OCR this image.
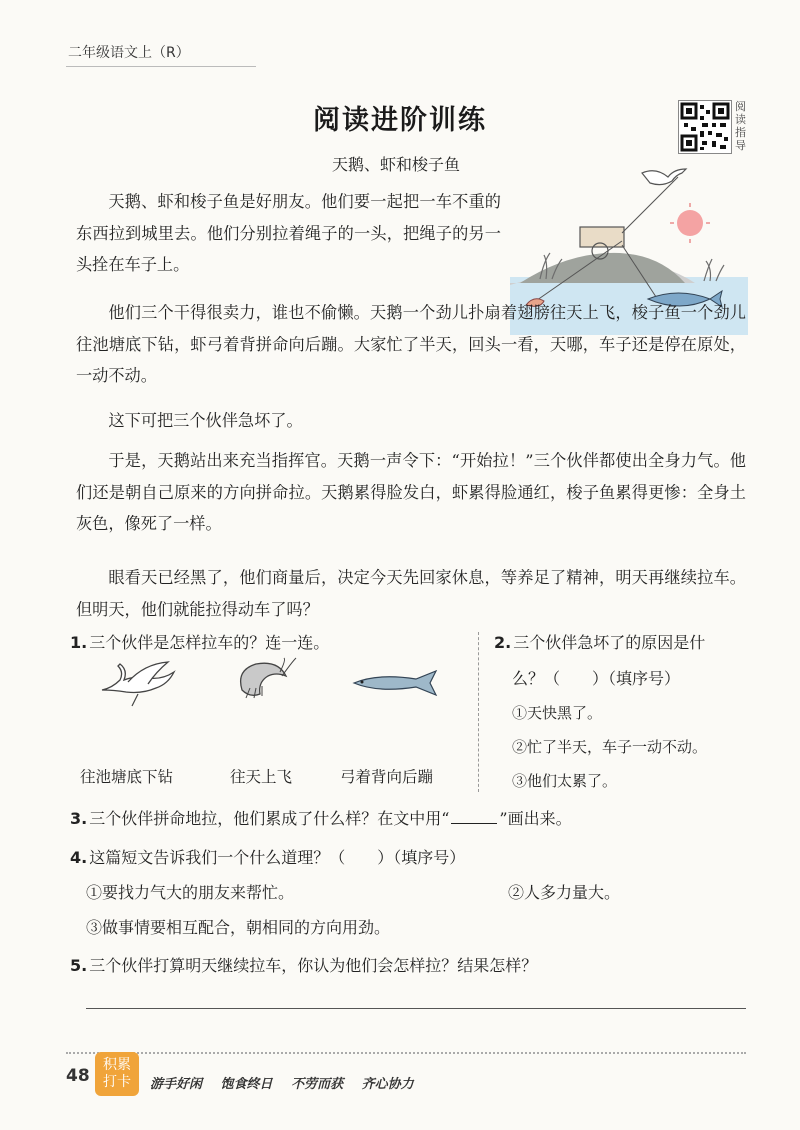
二年级语文上（R）
阅读进阶训练	阅读指导
天鹅、虾和梭子鱼
天鹅、虾和梭子鱼是好朋友。他们要一起把一车不重的东西拉到城里去。他们分别拉着绳子的一头，把绳子的另一头拴在车子上。
他们三个干得很卖力，谁也不偷懒。天鹅一个劲儿扑扇着翅膀往天上飞，梭子鱼一个劲儿往池塘底下钻，虾弓着背拼命向后蹦。大家忙了半天，回头一看，天哪，车子还是停在原处，一动不动。
这下可把三个伙伴急坏了。
于是，天鹅站出来充当指挥官。天鹅一声令下：“开始拉！”三个伙伴都使出全身力气。他们还是朝自己原来的方向拼命拉。天鹅累得脸发白，虾累得脸通红，梭子鱼累得更惨：全身土灰色，像死了一样。
眼看天已经黑了，他们商量后，决定今天先回家休息，等养足了精神，明天再继续拉车。但明天，他们就能拉得动车了吗？
1. 三个伙伴是怎样拉车的？连一连。
往池塘底下钻	往天上飞	弓着背向后蹦
2. 三个伙伴急坏了的原因是什
么？（　　）（填序号）
①天快黑了。
②忙了半天，车子一动不动。
③他们太累了。
3. 三个伙伴拼命地拉，他们累成了什么样？在文中用“	”画出来。
4. 这篇短文告诉我们一个什么道理？（　　）（填序号）
①要找力气大的朋友来帮忙。	②人多力量大。
③做事情要相互配合，朝相同的方向用劲。
5. 三个伙伴打算明天继续拉车，你认为他们会怎样拉？结果怎样？
48
积累
打卡	游手好闲 饱食终日 不劳而获 齐心协力
